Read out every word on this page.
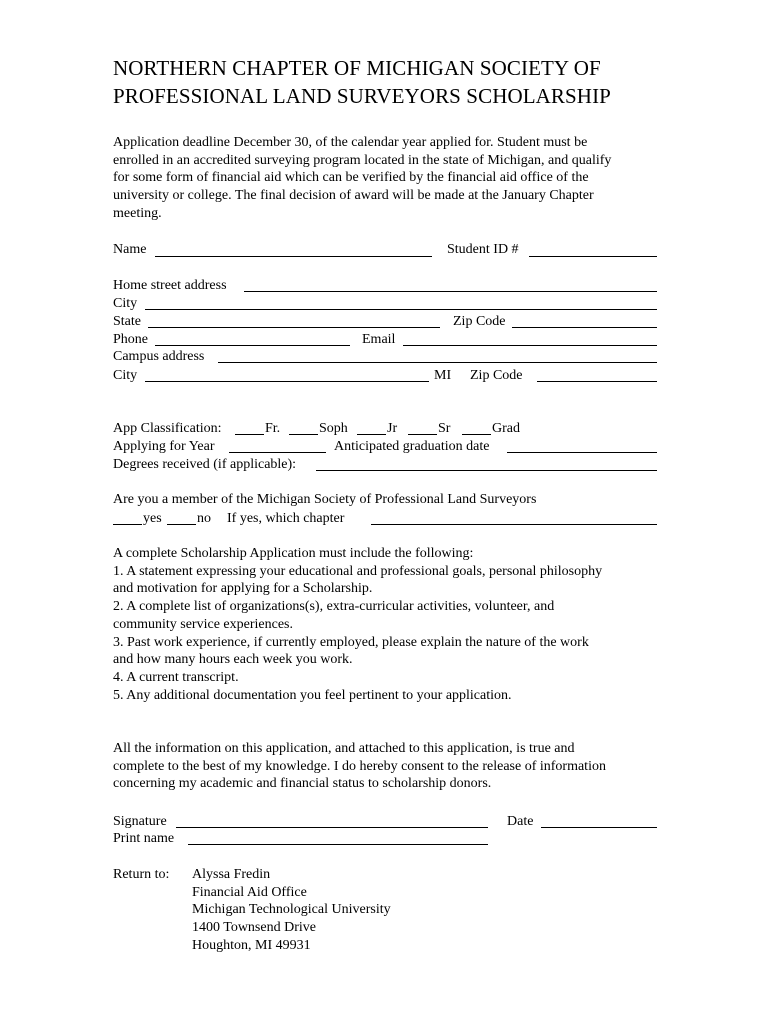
NORTHERN CHAPTER OF MICHIGAN SOCIETY OF
PROFESSIONAL LAND SURVEYORS SCHOLARSHIP
Application deadline December 30, of the calendar year applied for. Student must be
enrolled in an accredited surveying program located in the state of Michigan, and qualify
for some form of financial aid which can be verified by the financial aid office of the
university or college. The final decision of award will be made at the January Chapter
meeting.
Name	Student ID #
Home street address
City
State	Zip Code
Phone	Email
Campus address
City	MI Zip Code
App Classification:	Fr.	Soph	Jr	Sr	Grad
Applying for Year	Anticipated graduation date
Degrees received (if applicable):
Are you a member of the Michigan Society of Professional Land Surveyors
yes	no If yes, which chapter
A complete Scholarship Application must include the following:
1. A statement expressing your educational and professional goals, personal philosophy
and motivation for applying for a Scholarship.
2. A complete list of organizations(s), extra-curricular activities, volunteer, and
community service experiences.
3. Past work experience, if currently employed, please explain the nature of the work
and how many hours each week you work.
4. A current transcript.
5. Any additional documentation you feel pertinent to your application.
All the information on this application, and attached to this application, is true and
complete to the best of my knowledge. I do hereby consent to the release of information
concerning my academic and financial status to scholarship donors.
Signature	Date
Print name
Return to: Alyssa Fredin
Financial Aid Office
Michigan Technological University
1400 Townsend Drive
Houghton, MI 49931
